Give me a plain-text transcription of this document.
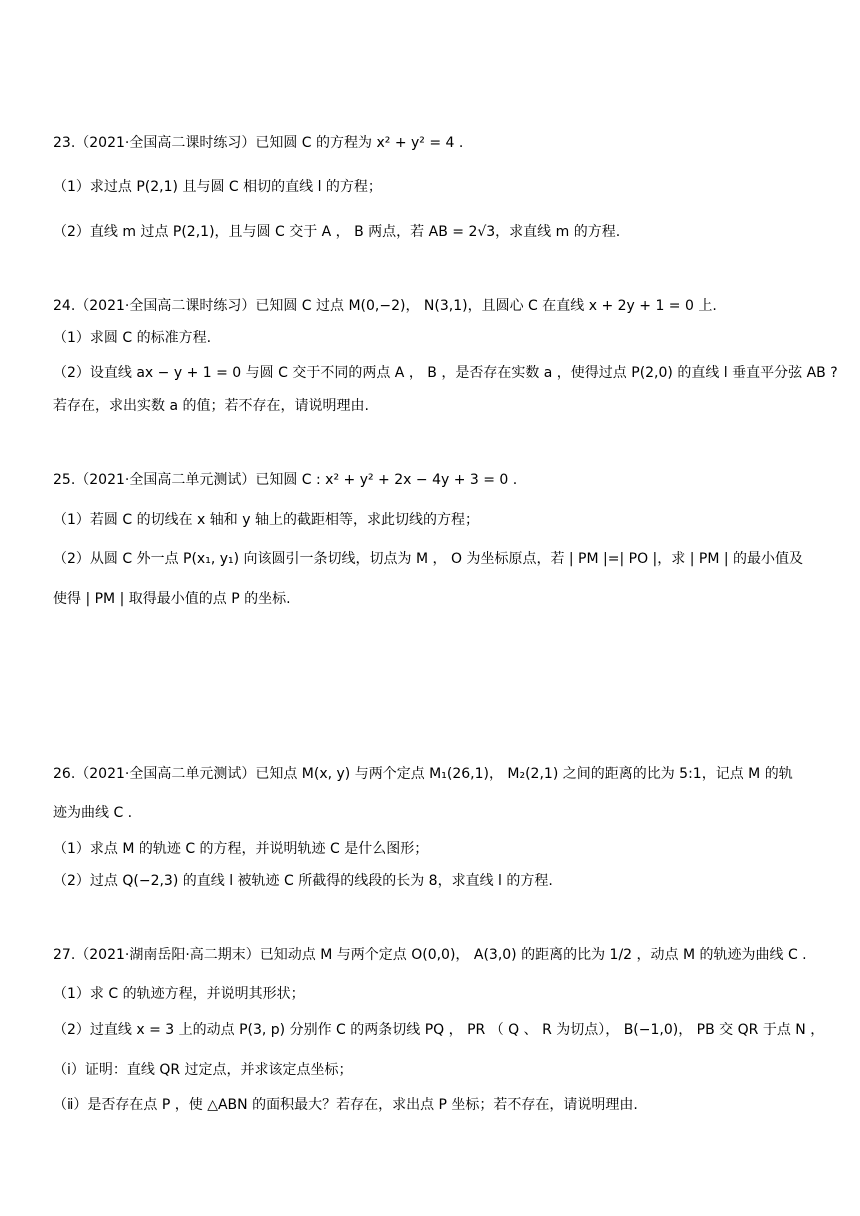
23.（2021·全国高二课时练习）已知圆 C 的方程为 x² + y² = 4 .
（1）求过点 P(2,1) 且与圆 C 相切的直线 l 的方程；
（2）直线 m 过点 P(2,1)，且与圆 C 交于 A ， B 两点，若 AB = 2√3，求直线 m 的方程.
24.（2021·全国高二课时练习）已知圆 C 过点 M(0,−2)， N(3,1)，且圆心 C 在直线 x + 2y + 1 = 0 上.
（1）求圆 C 的标准方程.
（2）设直线 ax − y + 1 = 0 与圆 C 交于不同的两点 A ， B ，是否存在实数 a ，使得过点 P(2,0) 的直线 l 垂直平分弦 AB ?
若存在，求出实数 a 的值；若不存在，请说明理由.
25.（2021·全国高二单元测试）已知圆 C : x² + y² + 2x − 4y + 3 = 0 .
（1）若圆 C 的切线在 x 轴和 y 轴上的截距相等，求此切线的方程；
（2）从圆 C 外一点 P(x₁, y₁) 向该圆引一条切线，切点为 M ， O 为坐标原点，若 | PM |=| PO |，求 | PM | 的最小值及
使得 | PM | 取得最小值的点 P 的坐标.
26.（2021·全国高二单元测试）已知点 M(x, y) 与两个定点 M₁(26,1)， M₂(2,1) 之间的距离的比为 5:1，记点 M 的轨
迹为曲线 C .
（1）求点 M 的轨迹 C 的方程，并说明轨迹 C 是什么图形；
（2）过点 Q(−2,3) 的直线 l 被轨迹 C 所截得的线段的长为 8，求直线 l 的方程.
27.（2021·湖南岳阳·高二期末）已知动点 M 与两个定点 O(0,0)， A(3,0) 的距离的比为 1/2 ，动点 M 的轨迹为曲线 C .
（1）求 C 的轨迹方程，并说明其形状；
（2）过直线 x = 3 上的动点 P(3, p) 分别作 C 的两条切线 PQ ， PR （ Q 、 R 为切点）， B(−1,0)， PB 交 QR 于点 N ，
（ⅰ）证明：直线 QR 过定点，并求该定点坐标；
（ⅱ）是否存在点 P ，使 △ABN 的面积最大？若存在，求出点 P 坐标；若不存在，请说明理由.
